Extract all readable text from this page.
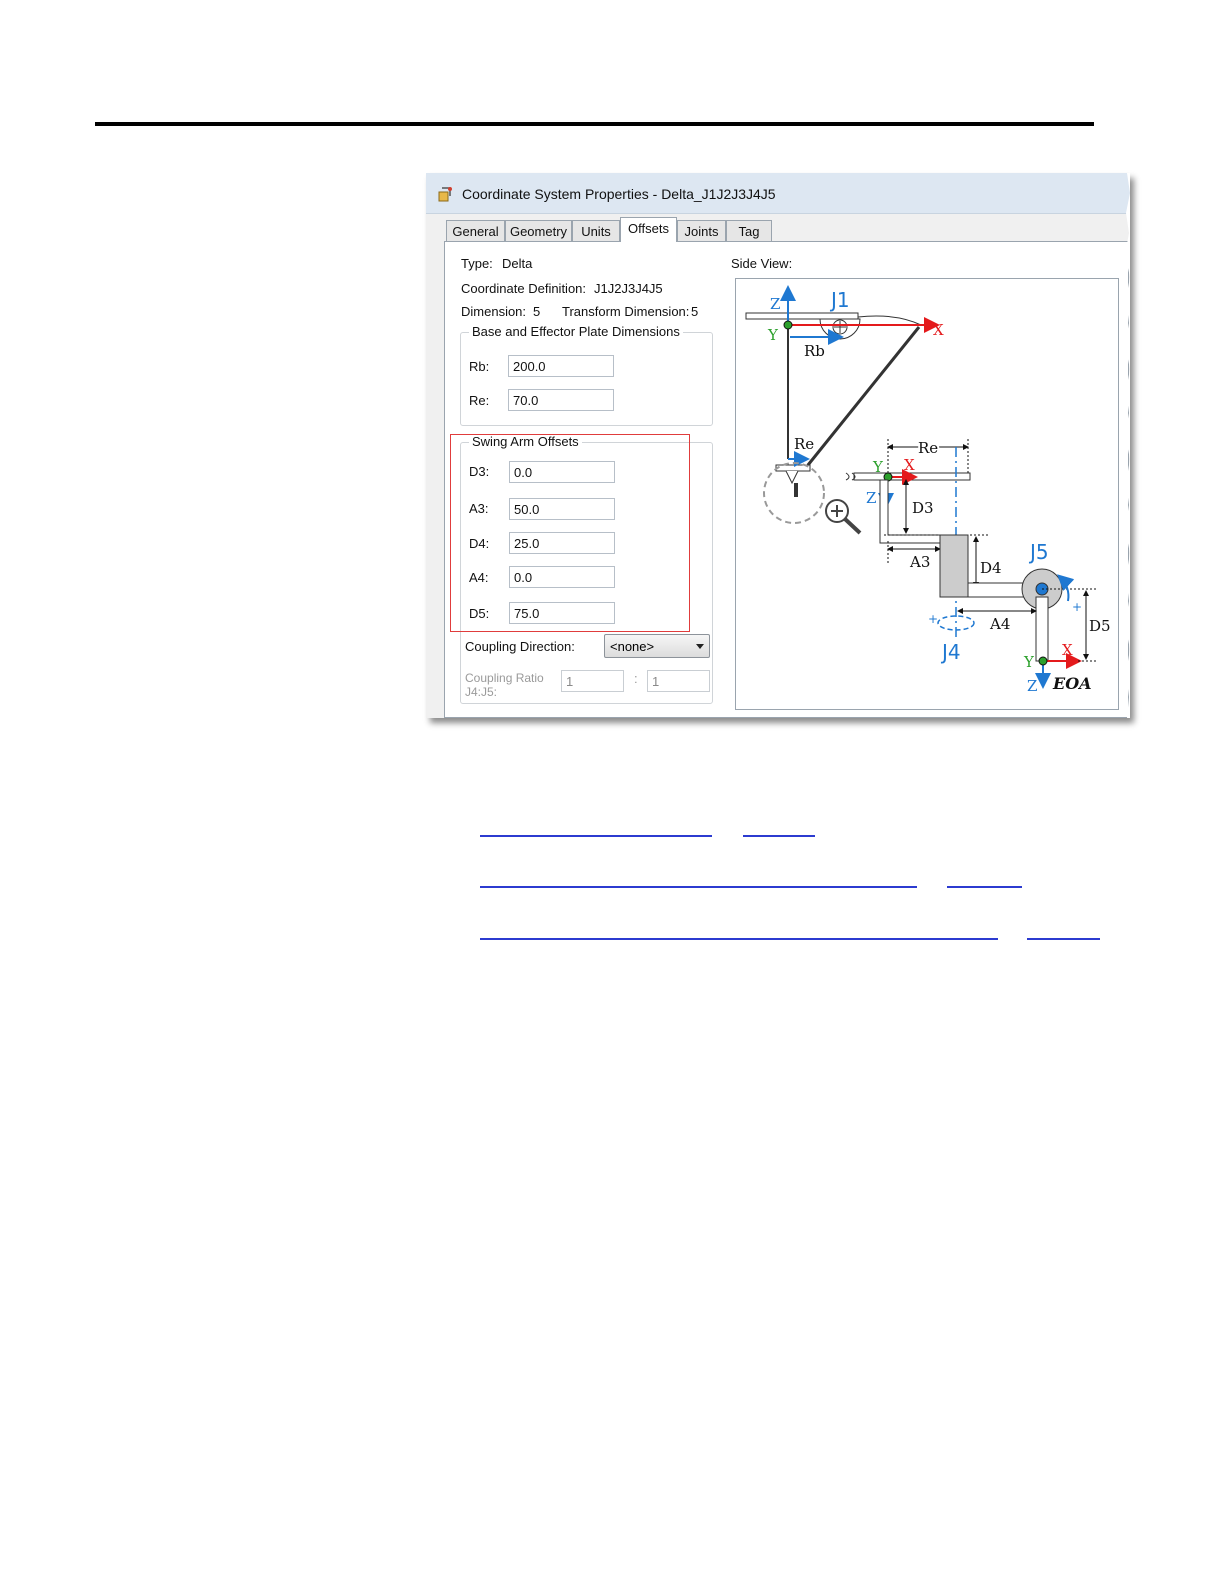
Coordinate System Properties - Delta_J1J2J3J4J5
General Geometry	Units	Offsets	Joints	Tag
Type: Delta
Coordinate Definition: J1J2J3J4J5
Dimension: 5 Transform Dimension: 5
Base and Effector Plate Dimensions
Rb:	200.0
Re:	70.0
Swing Arm Offsets
D3:	0.0
A3:	50.0
D4:	25.0
A4:	0.0
D5:	75.0
Coupling Direction:	<none>
Coupling Ratio
J4:J5:
1	:	1
Side View:
Z
Y	X
J1
Rb
Re	Re
Y X
Z
D3
A3	D4
J5
+
A4	D5
+
J4	Y
X
Z EOA
